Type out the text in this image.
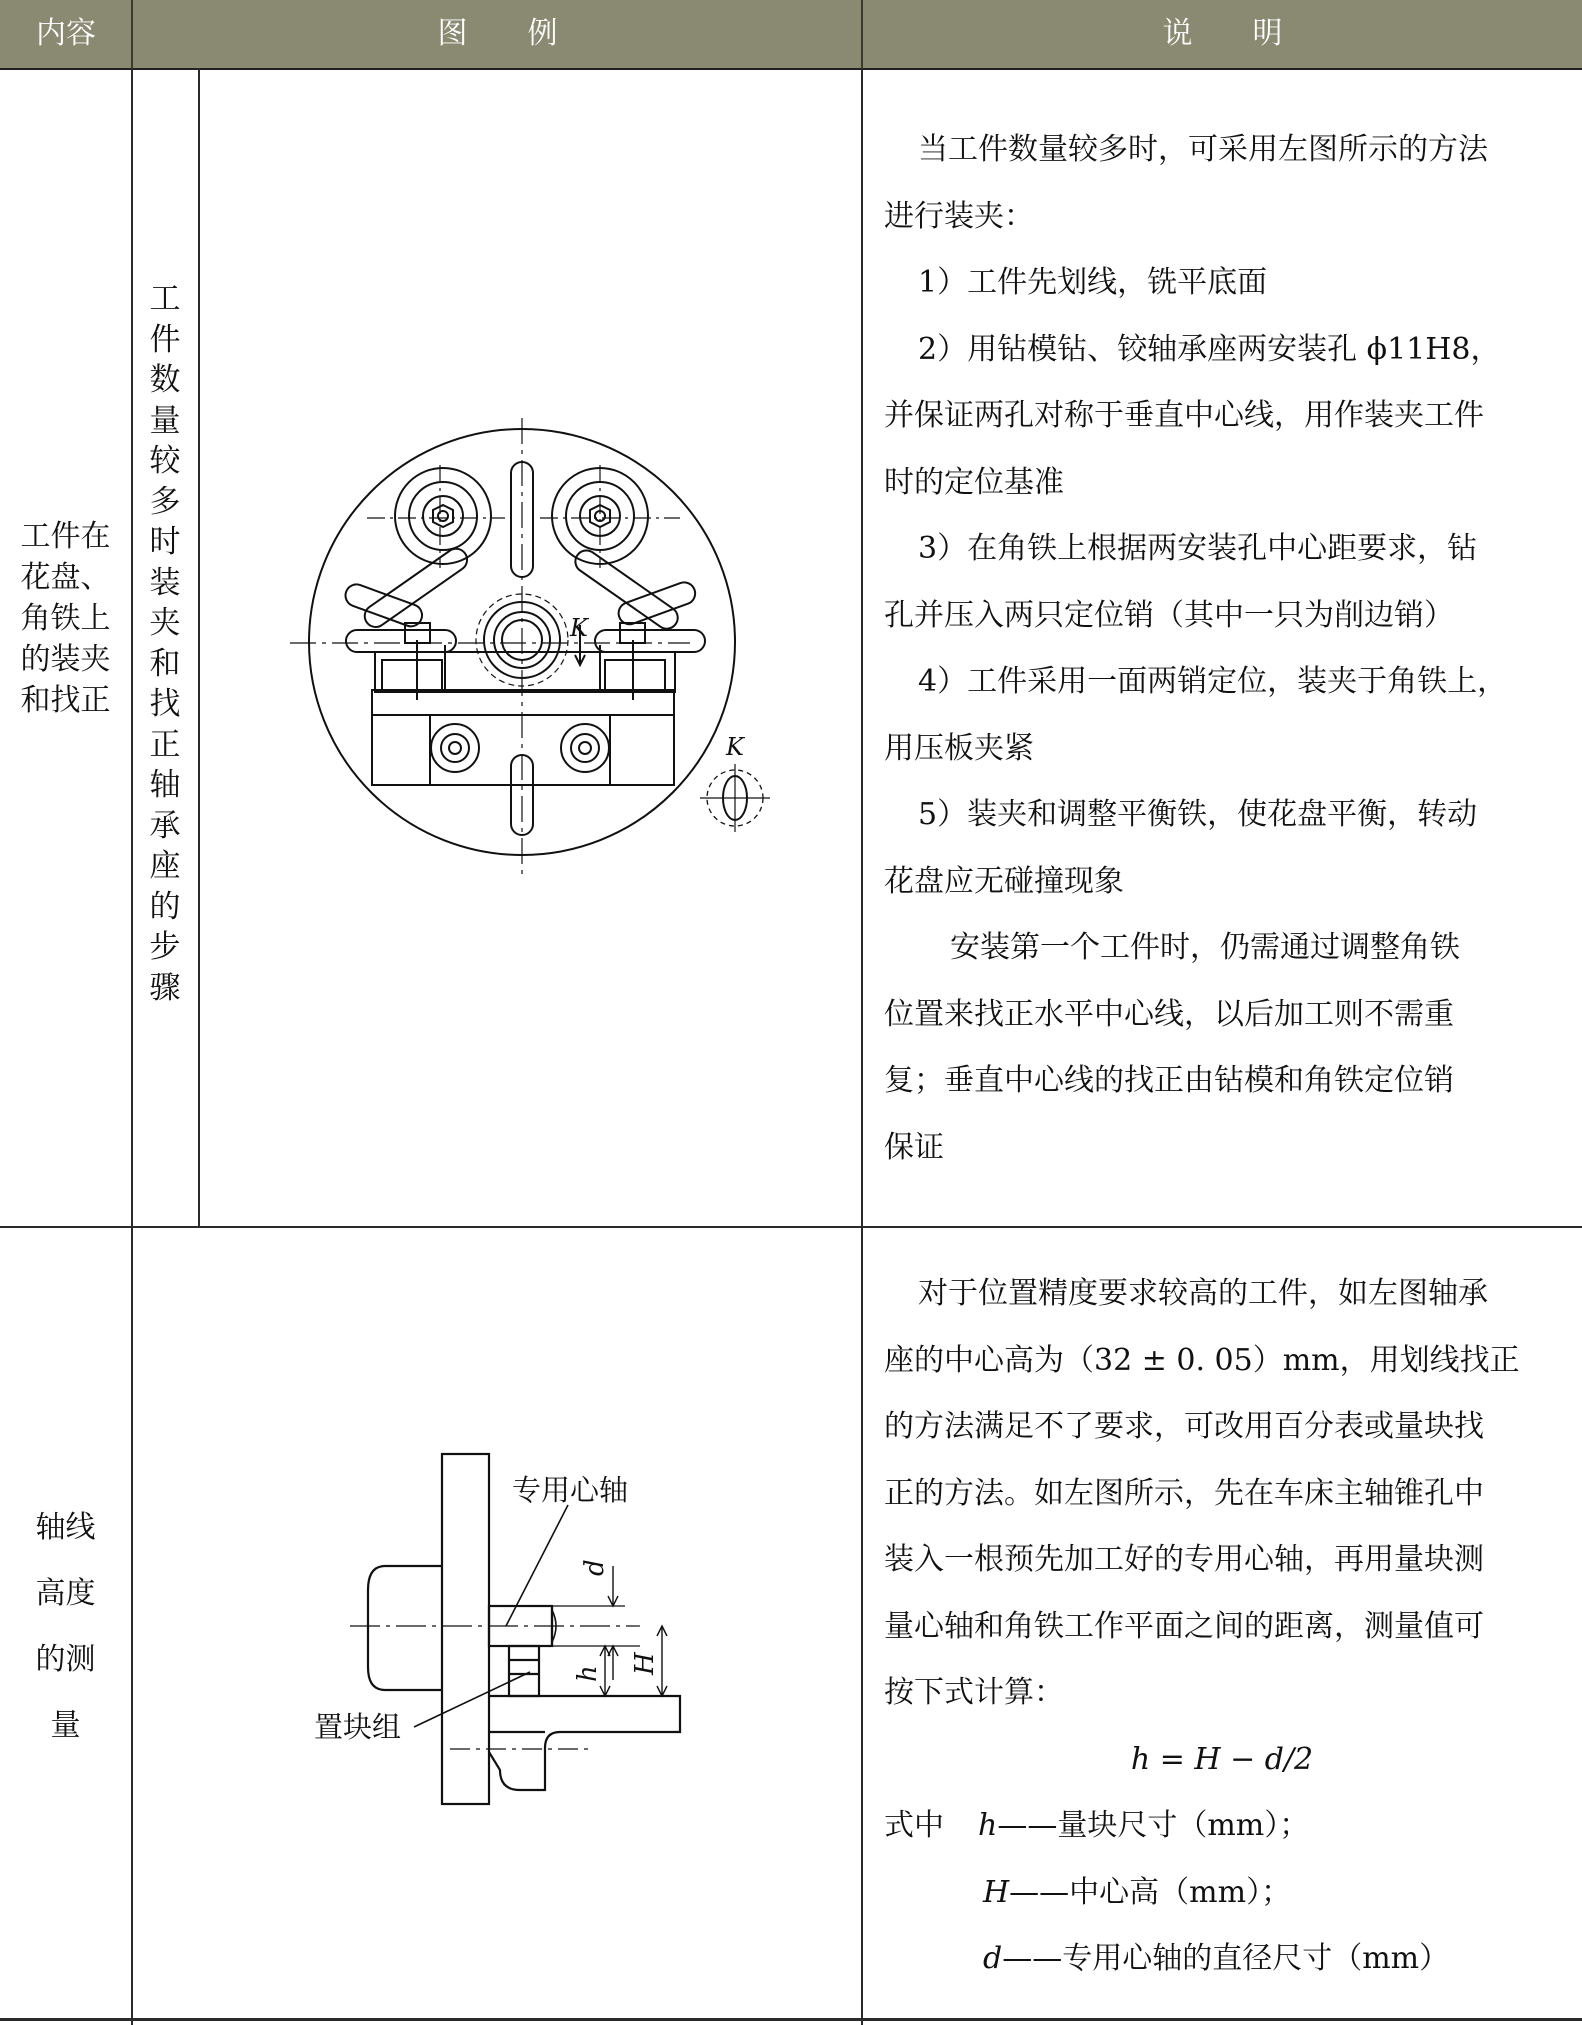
内容	图　　例	说　　明
工件在
花盘、
角铁上
的装夹
和找正
工
件
数
量
较
多
时
装
夹
和
找
正
轴
承
座
的
步
骤
K
K

当工件数量较多时，可采用左图所示的方法

进行装夹：

1）工件先划线，铣平底面

2）用钻模钻、铰轴承座两安装孔 ϕ11H8，

并保证两孔对称于垂直中心线，用作装夹工件

时的定位基准

3）在角铁上根据两安装孔中心距要求，钻

孔并压入两只定位销（其中一只为削边销）

4）工件采用一面两销定位，装夹于角铁上，

用压板夹紧

5）装夹和调整平衡铁，使花盘平衡，转动

花盘应无碰撞现象

安装第一个工件时，仍需通过调整角铁

位置来找正水平中心线，以后加工则不需重

复；垂直中心线的找正由钻模和角铁定位销

保证

轴线
高度
的测
量
专用心轴
置块组
d
h H

对于位置精度要求较高的工件，如左图轴承

座的中心高为（32 ± 0. 05）mm，用划线找正

的方法满足不了要求，可改用百分表或量块找

正的方法。如左图所示，先在车床主轴锥孔中

装入一根预先加工好的专用心轴，再用量块测

量心轴和角铁工作平面之间的距离，测量值可

按下式计算：

h = H − d/2

式中 h——量块尺寸（mm）；

H——中心高（mm）；

d——专用心轴的直径尺寸（mm）
